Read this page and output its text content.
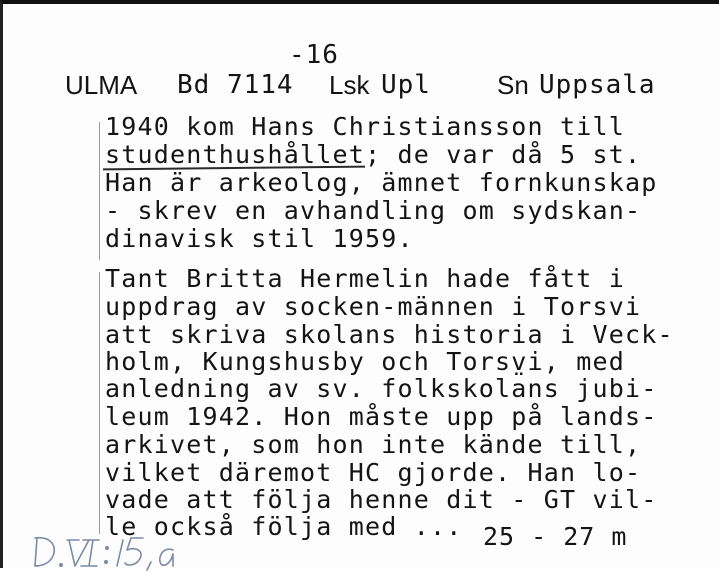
-16
ULMA Bd 7114 Lsk Upl	Sn Uppsala
1940 kom Hans Christiansson till
studenthushållet; de var då 5 st.
Han är arkeolog, ämnet fornkunskap
- skrev en avhandling om sydskan-
dinavisk stil 1959.
Tant Britta Hermelin hade fått i
uppdrag av socken-männen i Torsvi
att skriva skolans historia i Veck-
holm, Kungshusby och Torsv̤i, med
anledning av sv. folkskolans jubi-
leum 1942. Hon måste upp på lands-
arkivet, som hon inte kände till,
vilket däremot HC gjorde. Han lo-
vade att följa henne dit - GT vil-
le också följa med ... 25 - 27 m
